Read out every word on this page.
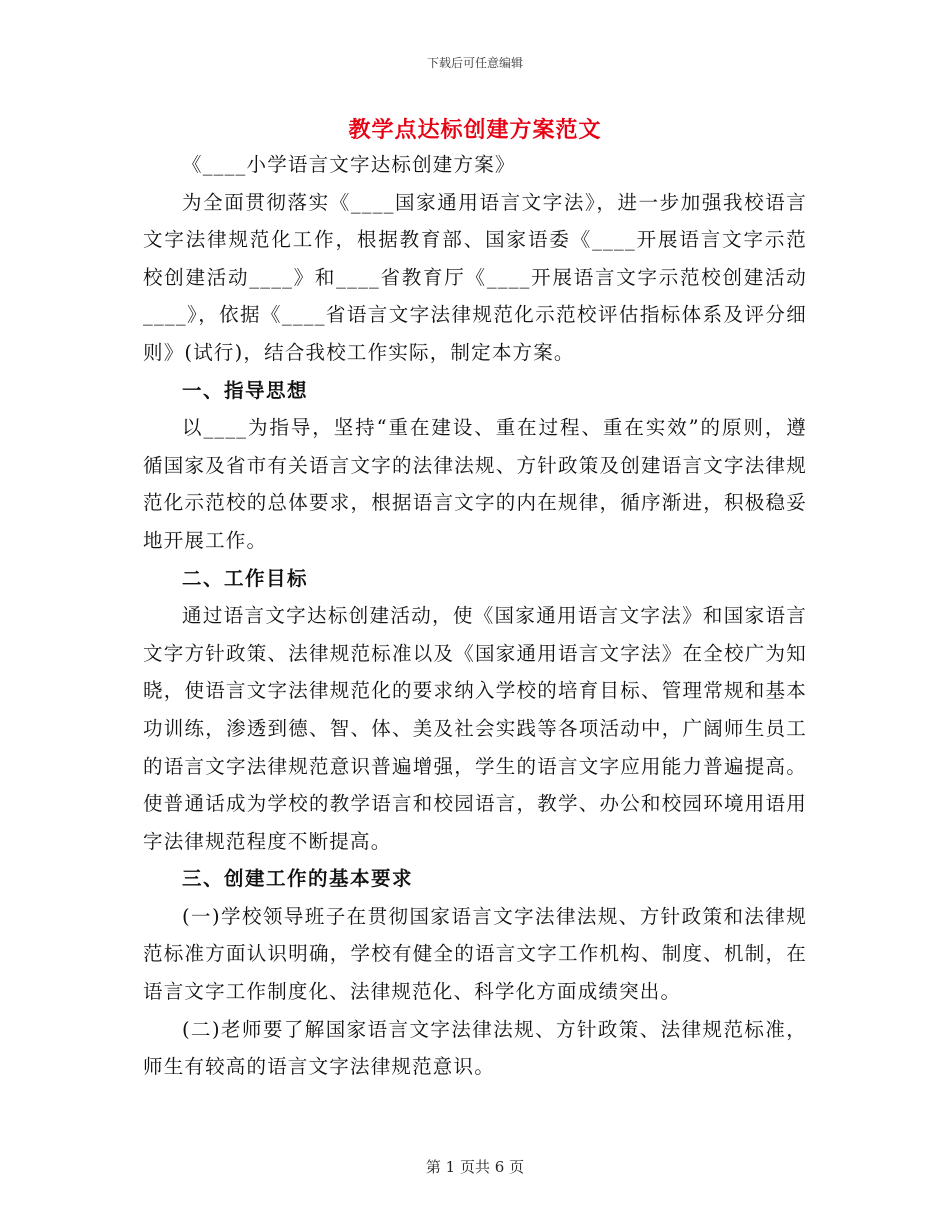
下载后可任意编辑
教学点达标创建方案范文

《____小学语言文字达标创建方案》

为全面贯彻落实《____国家通用语言文字法》，进一步加强我校语言文字法律规范化工作，根据教育部、国家语委《____开展语言文字示范校创建活动____》和____省教育厅《____开展语言文字示范校创建活动____》，依据《____省语言文字法律规范化示范校评估指标体系及评分细则》(试行)，结合我校工作实际，制定本方案。

一、指导思想

以____为指导，坚持“重在建设、重在过程、重在实效”的原则，遵循国家及省市有关语言文字的法律法规、方针政策及创建语言文字法律规范化示范校的总体要求，根据语言文字的内在规律，循序渐进，积极稳妥地开展工作。

二、工作目标

通过语言文字达标创建活动，使《国家通用语言文字法》和国家语言文字方针政策、法律规范标准以及《国家通用语言文字法》在全校广为知晓，使语言文字法律规范化的要求纳入学校的培育目标、管理常规和基本功训练，渗透到德、智、体、美及社会实践等各项活动中，广阔师生员工的语言文字法律规范意识普遍增强，学生的语言文字应用能力普遍提高。使普通话成为学校的教学语言和校园语言，教学、办公和校园环境用语用字法律规范程度不断提高。

三、创建工作的基本要求

(一)学校领导班子在贯彻国家语言文字法律法规、方针政策和法律规范标准方面认识明确，学校有健全的语言文字工作机构、制度、机制，在语言文字工作制度化、法律规范化、科学化方面成绩突出。

(二)老师要了解国家语言文字法律法规、方针政策、法律规范标准，师生有较高的语言文字法律规范意识。

第 1 页共 6 页
